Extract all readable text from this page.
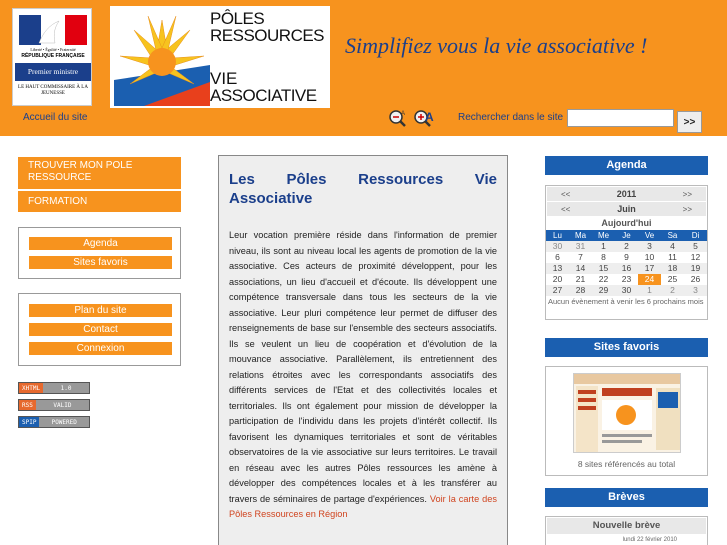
Liberté • Égalité • Fraternité
RÉPUBLIQUE FRANÇAISE
Premier ministre
LE HAUT COMMISSAIRE À LA JEUNESSE
PÔLES
RESSOURCES
VIE
ASSOCIATIVE
Simplifiez vous la vie associative !
Accueil du site	A A Rechercher dans le site	>>
TROUVER MON POLE RESSOURCE
FORMATION
Agenda
Sites favoris
Plan du site
Contact
Connexion
XHTML	1.0
RSS	VALID
SPIP	POWERED
Les Pôles Ressources Vie Associative
Leur vocation première réside dans l'information de premier niveau, ils sont au niveau local les agents de promotion de la vie associative. Ces acteurs de proximité développent, pour les associations, un lieu d'accueil et d'écoute. Ils développent une compétence transversale dans tous les secteurs de la vie associative. Leur pluri compétence leur permet de diffuser des renseignements de base sur l'ensemble des secteurs associatifs. Ils se veulent un lieu de coopération et d'évolution de la mouvance associative. Parallèlement, ils entretiennent des relations étroites avec les correspondants associatifs des différents services de l'Etat et des collectivités locales et territoriales. Ils ont également pour mission de développer la participation de l'individu dans les projets d'intérêt collectif. Ils favorisent les dynamiques territoriales et sont de véritables observatoires de la vie associative sur leurs territoires. Le travail en réseau avec les autres Pôles ressources les amène à développer des compétences locales et à les transférer au travers de séminaires de partage d'expériences. Voir la carte des Pôles Ressources en Région
Agenda
<<	2011	>>
<<	Juin	>>
Aujourd'hui
Lu	Ma	Me	Je	Ve	Sa	Di
30	31	1	2	3	4	5
6	7	8	9	10	11	12
13	14	15	16	17	18	19
20	21	22	23	24	25	26
27	28	29	30	1	2	3
Aucun évènement à venir les 6 prochains mois
Sites favoris
8 sites référencés au total
Brèves
Nouvelle brève
lundi 22 février 2010
